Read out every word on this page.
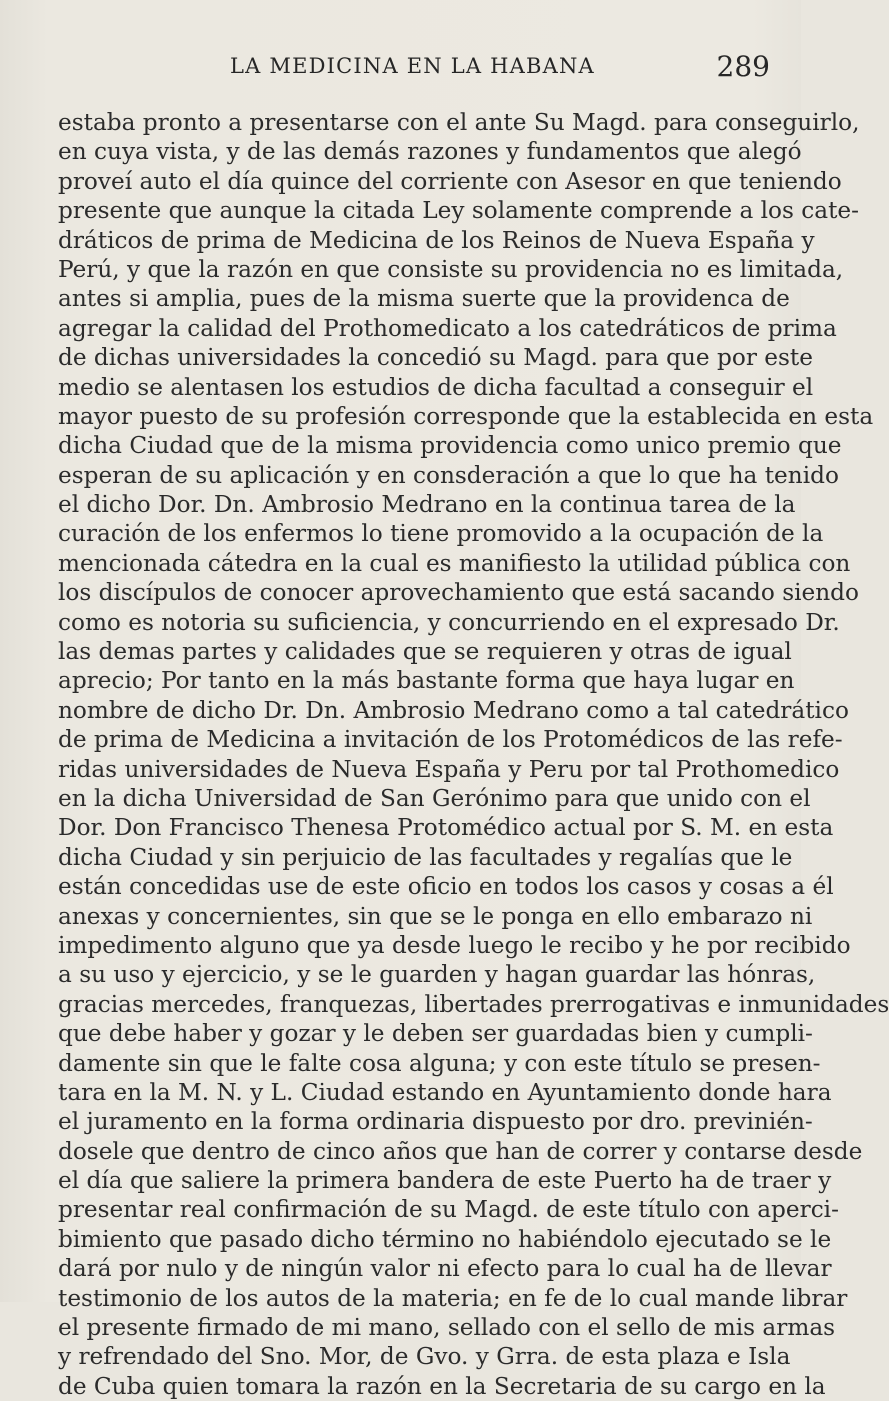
LA MEDICINA EN LA HABANA	289
estaba pronto a presentarse con el ante Su Magd. para conseguirlo,
en cuya vista, y de las demás razones y fundamentos que alegó
proveí auto el día quince del corriente con Asesor en que teniendo
presente que aunque la citada Ley solamente comprende a los cate-
dráticos de prima de Medicina de los Reinos de Nueva España y
Perú, y que la razón en que consiste su providencia no es limitada,
antes si amplia, pues de la misma suerte que la providenca de
agregar la calidad del Prothomedicato a los catedráticos de prima
de dichas universidades la concedió su Magd. para que por este
medio se alentasen los estudios de dicha facultad a conseguir el
mayor puesto de su profesión corresponde que la establecida en esta
dicha Ciudad que de la misma providencia como unico premio que
esperan de su aplicación y en consderación a que lo que ha tenido
el dicho Dor. Dn. Ambrosio Medrano en la continua tarea de la
curación de los enfermos lo tiene promovido a la ocupación de la
mencionada cátedra en la cual es manifiesto la utilidad pública con
los discípulos de conocer aprovechamiento que está sacando siendo
como es notoria su suficiencia, y concurriendo en el expresado Dr.
las demas partes y calidades que se requieren y otras de igual
aprecio; Por tanto en la más bastante forma que haya lugar en
nombre de dicho Dr. Dn. Ambrosio Medrano como a tal catedrático
de prima de Medicina a invitación de los Protomédicos de las refe-
ridas universidades de Nueva España y Peru por tal Prothomedico
en la dicha Universidad de San Gerónimo para que unido con el
Dor. Don Francisco Thenesa Protomédico actual por S. M. en esta
dicha Ciudad y sin perjuicio de las facultades y regalías que le
están concedidas use de este oficio en todos los casos y cosas a él
anexas y concernientes, sin que se le ponga en ello embarazo ni
impedimento alguno que ya desde luego le recibo y he por recibido
a su uso y ejercicio, y se le guarden y hagan guardar las hónras,
gracias mercedes, franquezas, libertades prerrogativas e inmunidades
que debe haber y gozar y le deben ser guardadas bien y cumpli-
damente sin que le falte cosa alguna; y con este título se presen-
tara en la M. N. y L. Ciudad estando en Ayuntamiento donde hara
el juramento en la forma ordinaria dispuesto por dro. previnién-
dosele que dentro de cinco años que han de correr y contarse desde
el día que saliere la primera bandera de este Puerto ha de traer y
presentar real confirmación de su Magd. de este título con aperci-
bimiento que pasado dicho término no habiéndolo ejecutado se le
dará por nulo y de ningún valor ni efecto para lo cual ha de llevar
testimonio de los autos de la materia; en fe de lo cual mande librar
el presente firmado de mi mano, sellado con el sello de mis armas
y refrendado del Sno. Mor, de Gvo. y Grra. de esta plaza e Isla
de Cuba quien tomara la razón en la Secretaria de su cargo en la
